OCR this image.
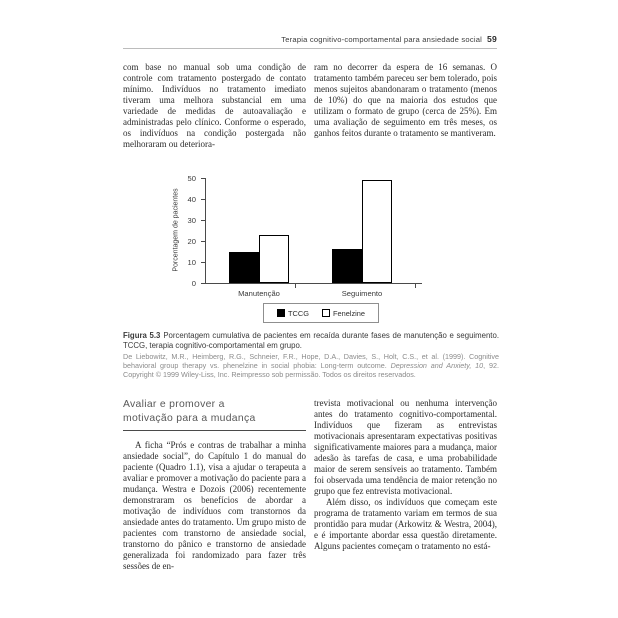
Terapia cognitivo-comportamental para ansiedade social 59

com base no manual sob uma condição de controle com tratamento postergado de contato mínimo. Indivíduos no tratamento imediato tiveram uma melhora substancial em uma variedade de medidas de autoavaliação e administradas pelo clínico. Conforme o esperado, os indivíduos na condição postergada não melhoraram ou deteriora-

ram no decorrer da espera de 16 semanas. O tratamento também pareceu ser bem tolerado, pois menos sujeitos abandonaram o tratamento (menos de 10%) do que na maioria dos estudos que utilizam o formato de grupo (cerca de 25%). Em uma avaliação de seguimento em três meses, os ganhos feitos durante o tratamento se mantiveram.

Porcentagem de pacientes
TCCG	Fenelzine
0
10
20
30
40
50
Manutenção	Seguimento
Figura 5.3 Porcentagem cumulativa de pacientes em recaída durante fases de manutenção e seguimento. TCCG, terapia cognitivo-comportamental em grupo.
De Liebowitz, M.R., Heimberg, R.G., Schneier, F.R., Hope, D.A., Davies, S., Holt, C.S., et al. (1999). Cognitive behavioral group therapy vs. phenelzine in social phobia: Long-term outcome. Depression and Anxiety, 10, 92. Copyright © 1999 Wiley-Liss, Inc. Reimpresso sob permissão. Todos os direitos reservados.
Avaliar e promover a
motivação para a mudança

A ficha “Prós e contras de trabalhar a minha ansiedade social”, do Capítulo 1 do manual do paciente (Quadro 1.1), visa a ajudar o terapeuta a avaliar e promover a motivação do paciente para a mudança. Westra e Dozois (2006) recentemente demonstraram os benefícios de abordar a motivação de indivíduos com transtornos da ansiedade antes do tratamento. Um grupo misto de pacientes com transtorno de ansiedade social, transtorno do pânico e transtorno de ansiedade generalizada foi randomizado para fazer três sessões de en-

trevista motivacional ou nenhuma intervenção antes do tratamento cognitivo-comportamental. Indivíduos que fizeram as entrevistas motivacionais apresentaram expectativas positivas significativamente maiores para a mudança, maior adesão às tarefas de casa, e uma probabilidade maior de serem sensíveis ao tratamento. Também foi observada uma tendência de maior retenção no grupo que fez entrevista motivacional.

Além disso, os indivíduos que começam este programa de tratamento variam em termos de sua prontidão para mudar (Arkowitz & Westra, 2004), e é importante abordar essa questão diretamente. Alguns pacientes começam o tratamento no está-
